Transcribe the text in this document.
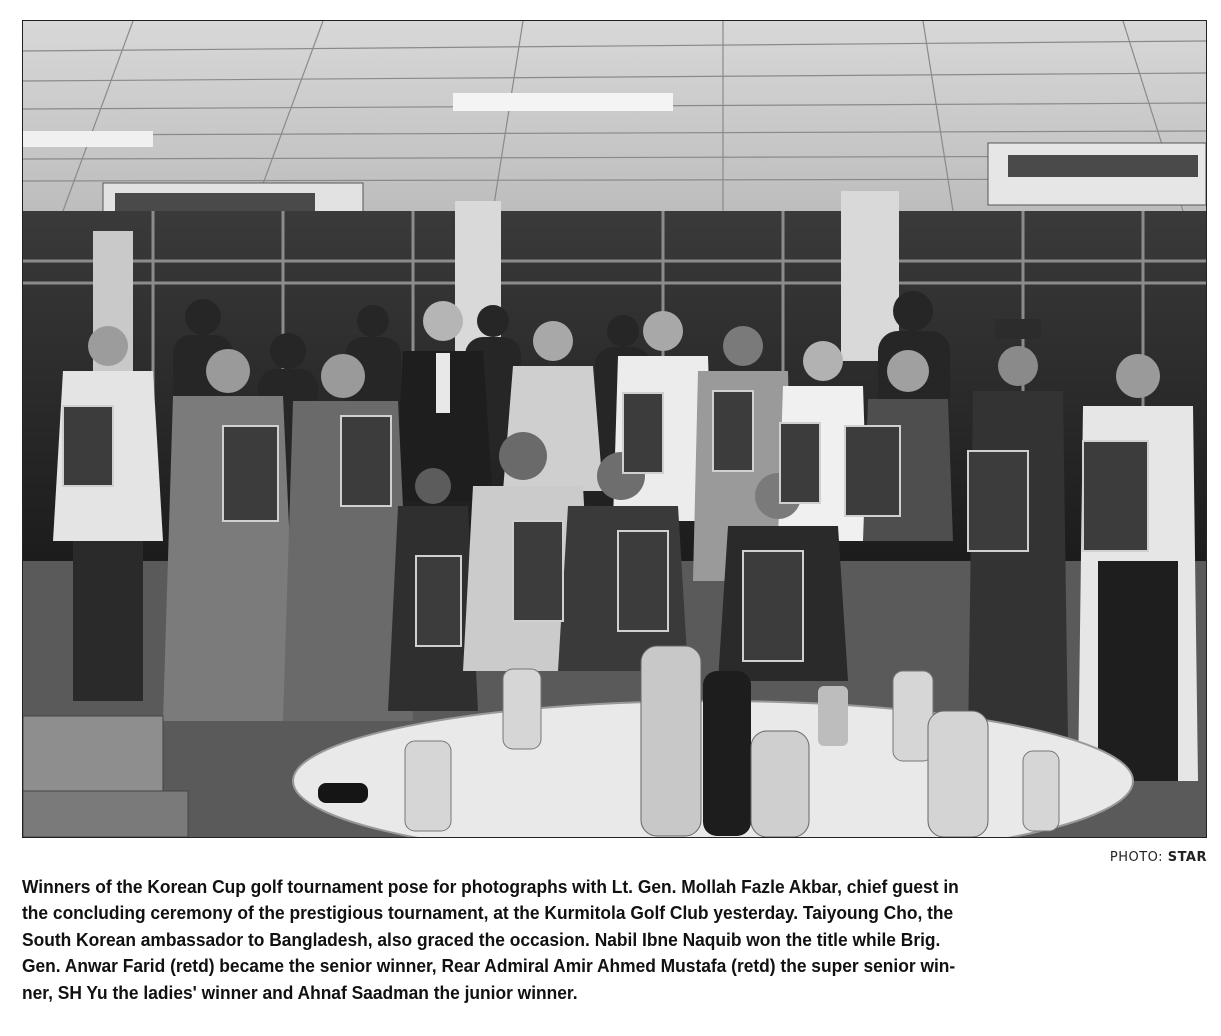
PHOTO: STAR
Winners of the Korean Cup golf tournament pose for photographs with Lt. Gen. Mollah Fazle Akbar, chief guest in
the concluding ceremony of the prestigious tournament, at the Kurmitola Golf Club yesterday. Taiyoung Cho, the
South Korean ambassador to Bangladesh, also graced the occasion. Nabil Ibne Naquib won the title while Brig.
Gen. Anwar Farid (retd) became the senior winner, Rear Admiral Amir Ahmed Mustafa (retd) the super senior win-
ner, SH Yu the ladies' winner and Ahnaf Saadman the junior winner.
